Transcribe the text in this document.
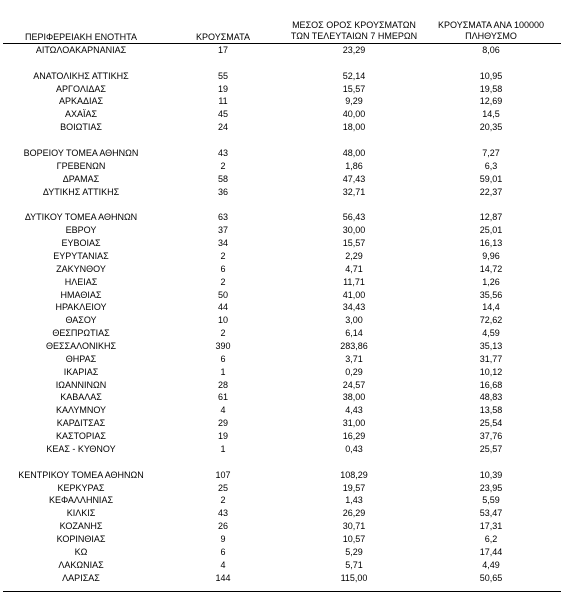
ΠΕΡΙΦΕΡΕΙΑΚΗ ΕΝΟΤΗΤΑ	ΚΡΟΥΣΜΑΤΑ
ΜΕΣΟΣ ΟΡΟΣ ΚΡΟΥΣΜΑΤΩΝ
ΤΩΝ ΤΕΛΕΥΤΑΙΩΝ 7 ΗΜΕΡΩΝ
ΚΡΟΥΣΜΑΤΑ ΑΝΑ 100000
ΠΛΗΘΥΣΜΟ
ΑΙΤΩΛΟΑΚΑΡΝΑΝΙΑΣ	17	23,29	8,06
ΑΝΑΤΟΛΙΚΗΣ ΑΤΤΙΚΗΣ	55	52,14	10,95
ΑΡΓΟΛΙΔΑΣ	19	15,57	19,58
ΑΡΚΑΔΙΑΣ	11	9,29	12,69
ΑΧΑΪΑΣ	45	40,00	14,5
ΒΟΙΩΤΙΑΣ	24	18,00	20,35
ΒΟΡΕΙΟΥ ΤΟΜΕΑ ΑΘΗΝΩΝ	43	48,00	7,27
ΓΡΕΒΕΝΩΝ	2	1,86	6,3
ΔΡΑΜΑΣ	58	47,43	59,01
ΔΥΤΙΚΗΣ ΑΤΤΙΚΗΣ	36	32,71	22,37
ΔΥΤΙΚΟΥ ΤΟΜΕΑ ΑΘΗΝΩΝ	63	56,43	12,87
ΕΒΡΟΥ	37	30,00	25,01
ΕΥΒΟΙΑΣ	34	15,57	16,13
ΕΥΡΥΤΑΝΙΑΣ	2	2,29	9,96
ΖΑΚΥΝΘΟΥ	6	4,71	14,72
ΗΛΕΙΑΣ	2	11,71	1,26
ΗΜΑΘΙΑΣ	50	41,00	35,56
ΗΡΑΚΛΕΙΟΥ	44	34,43	14,4
ΘΑΣΟΥ	10	3,00	72,62
ΘΕΣΠΡΩΤΙΑΣ	2	6,14	4,59
ΘΕΣΣΑΛΟΝΙΚΗΣ	390	283,86	35,13
ΘΗΡΑΣ	6	3,71	31,77
ΙΚΑΡΙΑΣ	1	0,29	10,12
ΙΩΑΝΝΙΝΩΝ	28	24,57	16,68
ΚΑΒΑΛΑΣ	61	38,00	48,83
ΚΑΛΥΜΝΟΥ	4	4,43	13,58
ΚΑΡΔΙΤΣΑΣ	29	31,00	25,54
ΚΑΣΤΟΡΙΑΣ	19	16,29	37,76
ΚΕΑΣ - ΚΥΘΝΟΥ	1	0,43	25,57
ΚΕΝΤΡΙΚΟΥ ΤΟΜΕΑ ΑΘΗΝΩΝ	107	108,29	10,39
ΚΕΡΚΥΡΑΣ	25	19,57	23,95
ΚΕΦΑΛΛΗΝΙΑΣ	2	1,43	5,59
ΚΙΛΚΙΣ	43	26,29	53,47
ΚΟΖΑΝΗΣ	26	30,71	17,31
ΚΟΡΙΝΘΙΑΣ	9	10,57	6,2
ΚΩ	6	5,29	17,44
ΛΑΚΩΝΙΑΣ	4	5,71	4,49
ΛΑΡΙΣΑΣ	144	115,00	50,65
